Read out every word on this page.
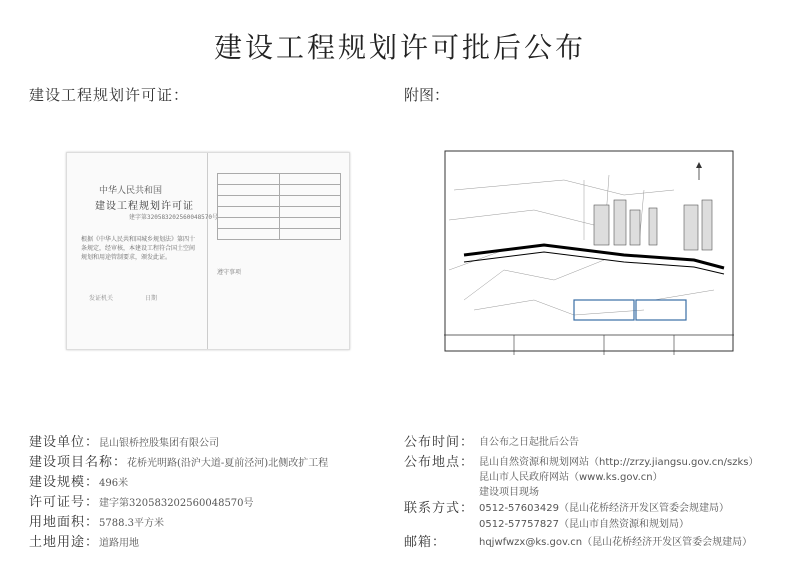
建设工程规划许可批后公布
建设工程规划许可证：	附图：
中华人民共和国
建设工程规划许可证
建字第320583202560048570号
根据《中华人民共和国城乡规划法》第四十条规定，经审核，本建设工程符合国土空间规划和用途管制要求，颁发此证。
发证机关	日期

遵守事项
建设单位：昆山银桥控股集团有限公司
建设项目名称：花桥光明路(沿沪大道-夏前泾河)北侧改扩工程
建设规模：496米
许可证号：建字第320583202560048570号
用地面积：5788.3平方米
土地用途：道路用地
公布时间： 自公布之日起批后公告
公布地点： 昆山自然资源和规划网站（http://zrzy.jiangsu.gov.cn/szks）
昆山市人民政府网站（www.ks.gov.cn）
建设项目现场
联系方式： 0512-57603429（昆山花桥经济开发区管委会规建局）
0512-57757827（昆山市自然资源和规划局）
邮箱：	hqjwfwzx@ks.gov.cn（昆山花桥经济开发区管委会规建局）
